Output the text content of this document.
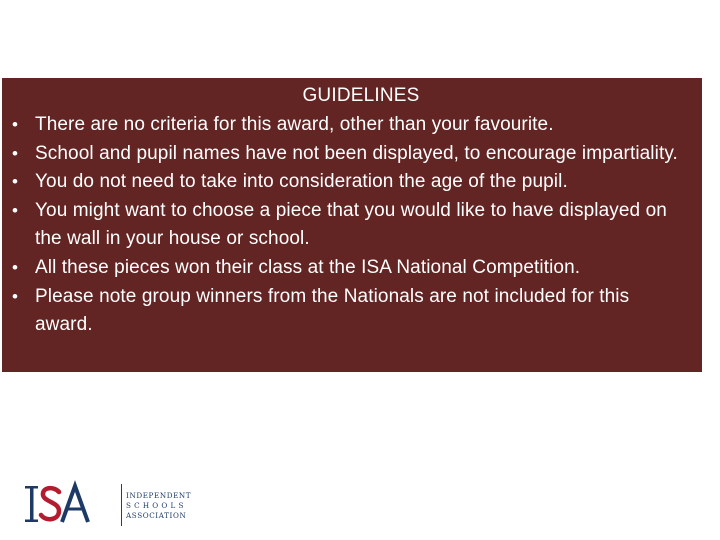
GUIDELINES
• There are no criteria for this award, other than your favourite.
• School and pupil names have not been displayed, to encourage impartiality.
• You do not need to take into consideration the age of the pupil.
• You might want to choose a piece that you would like to have displayed on the wall in your house or school.
• All these pieces won their class at the ISA National Competition.
• Please note group winners from the Nationals are not included for this award.
INDEPENDENT
SCHOOLS
ASSOCIATION
